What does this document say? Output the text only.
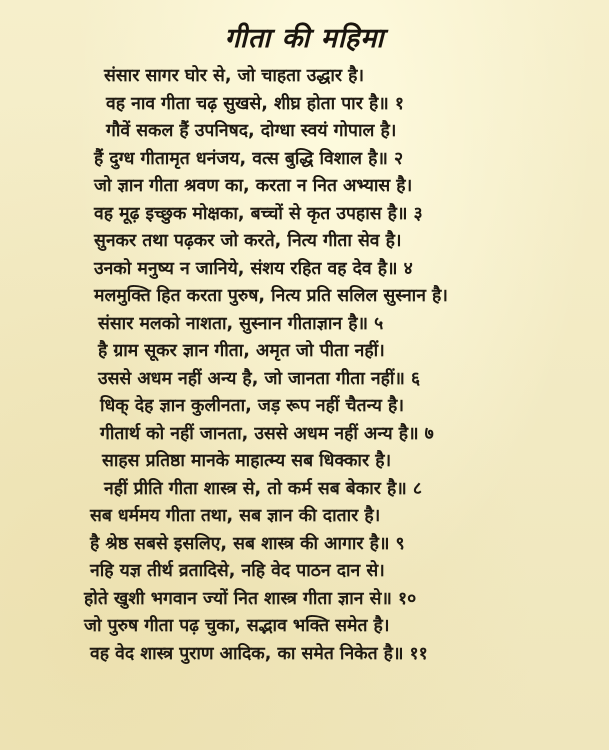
गीता की महिमा
संसार सागर घोर से, जो चाहता उद्धार है।
वह नाव गीता चढ़ सुखसे, शीघ्र होता पार है॥ १
गौवें सकल हैं उपनिषद, दोग्धा स्वयं गोपाल है।
हैं दुग्ध गीतामृत धनंजय, वत्स बुद्धि विशाल है॥ २
जो ज्ञान गीता श्रवण का, करता न नित अभ्यास है।
वह मूढ़ इच्छुक मोक्षका, बच्चों से कृत उपहास है॥ ३
सुनकर तथा पढ़कर जो करते, नित्य गीता सेव है।
उनको मनुष्य न जानिये, संशय रहित वह देव है॥ ४
मलमुक्ति हित करता पुरुष, नित्य प्रति सलिल सुस्नान है।
संसार मलको नाशता, सुस्नान गीताज्ञान है॥ ५
है ग्राम सूकर ज्ञान गीता, अमृत जो पीता नहीं।
उससे अधम नहीं अन्य है, जो जानता गीता नहीं॥ ६
धिक् देह ज्ञान कुलीनता, जड़ रूप नहीं चैतन्य है।
गीतार्थ को नहीं जानता, उससे अधम नहीं अन्य है॥ ७
साहस प्रतिष्ठा मानके माहात्म्य सब धिक्कार है।
नहीं प्रीति गीता शास्त्र से, तो कर्म सब बेकार है॥ ८
सब धर्ममय गीता तथा, सब ज्ञान की दातार है।
है श्रेष्ठ सबसे इसलिए, सब शास्त्र की आगार है॥ ९
नहि यज्ञ तीर्थ व्रतादिसे, नहि वेद पाठन दान से।
होते खुशी भगवान ज्यों नित शास्त्र गीता ज्ञान से॥ १०
जो पुरुष गीता पढ़ चुका, सद्भाव भक्ति समेत है।
वह वेद शास्त्र पुराण आदिक, का समेत निकेत है॥ ११
